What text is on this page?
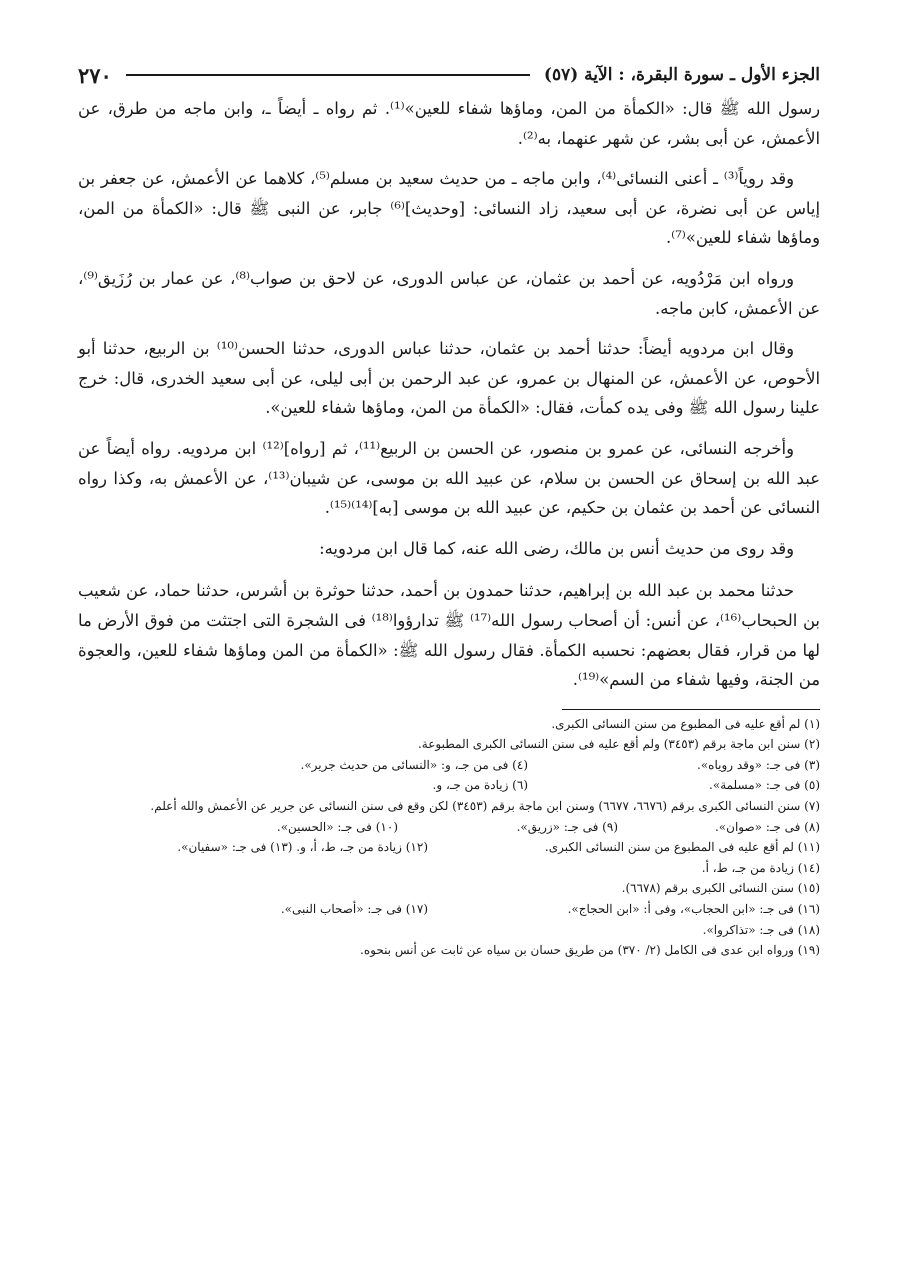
الجزء الأول ـ سورة البقرة، : الآية (٥٧)
٢٧٠

رسول الله ﷺ قال: «الكمأة من المن، وماؤها شفاء للعين»⁽¹⁾. ثم رواه ـ أيضاً ـ، وابن ماجه من طرق، عن الأعمش، عن أبى بشر، عن شهر عنهما، به⁽²⁾.

وقد روياً⁽³⁾ ـ أعنى النسائى⁽⁴⁾، وابن ماجه ـ من حديث سعيد بن مسلم⁽⁵⁾، كلاهما عن الأعمش، عن جعفر بن إياس عن أبى نضرة، عن أبى سعيد، زاد النسائى: [وحديث]⁽⁶⁾ جابر، عن النبى ﷺ قال: «الكمأة من المن، وماؤها شفاء للعين»⁽⁷⁾.

ورواه ابن مَرْدُويه، عن أحمد بن عثمان، عن عباس الدورى، عن لاحق بن صواب⁽⁸⁾، عن عمار بن رُزَيق⁽⁹⁾، عن الأعمش، كابن ماجه.

وقال ابن مردويه أيضاً: حدثنا أحمد بن عثمان، حدثنا عباس الدورى، حدثنا الحسن⁽¹⁰⁾ بن الربيع، حدثنا أبو الأحوص، عن الأعمش، عن المنهال بن عمرو، عن عبد الرحمن بن أبى ليلى، عن أبى سعيد الخدرى، قال: خرج علينا رسول الله ﷺ وفى يده كمأت، فقال: «الكمأة من المن، وماؤها شفاء للعين».

وأخرجه النسائى، عن عمرو بن منصور، عن الحسن بن الربيع⁽¹¹⁾، ثم [رواه]⁽¹²⁾ ابن مردويه. رواه أيضاً عن عبد الله بن إسحاق عن الحسن بن سلام، عن عبيد الله بن موسى، عن شيبان⁽¹³⁾، عن الأعمش به، وكذا رواه النسائى عن أحمد بن عثمان بن حكيم، عن عبيد الله بن موسى [به]⁽¹⁴⁾⁽¹⁵⁾.

وقد روى من حديث أنس بن مالك، رضى الله عنه، كما قال ابن مردويه:

حدثنا محمد بن عبد الله بن إبراهيم، حدثنا حمدون بن أحمد، حدثنا حوثرة بن أشرس، حدثنا حماد، عن شعيب بن الحبحاب⁽¹⁶⁾، عن أنس: أن أصحاب رسول الله⁽¹⁷⁾ ﷺ تدارؤوا⁽¹⁸⁾ فى الشجرة التى اجتثت من فوق الأرض ما لها من قرار، فقال بعضهم: نحسبه الكمأة. فقال رسول الله ﷺ: «الكمأة من المن وماؤها شفاء للعين، والعجوة من الجنة، وفيها شفاء من السم»⁽¹⁹⁾.

(١) لم أقع عليه فى المطبوع من سنن النسائى الكبرى.
(٢) سنن ابن ماجة برقم (٣٤٥٣) ولم أقع عليه فى سنن النسائى الكبرى المطبوعة.
(٣) فى جـ: «وقد روياه».
(٤) فى من جـ، و: «النسائى من حديث جرير».
(٥) فى جـ: «مسلمة».
(٦) زيادة من جـ، و.
(٧) سنن النسائى الكبرى برقم (٦٦٧٦، ٦٦٧٧) وسنن ابن ماجة برقم (٣٤٥٣) لكن وقع فى سنن النسائى عن جرير عن الأعمش والله أعلم.
(٨) فى جـ: «صوان».
(٩) فى جـ: «زريق».
(١٠) فى جـ: «الحسين».
(١١) لم أقع عليه فى المطبوع من سنن النسائى الكبرى.
(١٢) زيادة من جـ، ط، أ، و. (١٣) فى جـ: «سفيان».
(١٤) زيادة من جـ، ط، أ.
(١٥) سنن النسائى الكبرى برقم (٦٦٧٨).
(١٦) فى جـ: «ابن الحجاب»، وفى أ: «ابن الحجاج».
(١٧) فى جـ: «أصحاب النبى».
(١٨) فى جـ: «تذاكروا».
(١٩) ورواه ابن عدى فى الكامل (٢/ ٣٧٠) من طريق حسان بن سياه عن ثابت عن أنس بنحوه.
